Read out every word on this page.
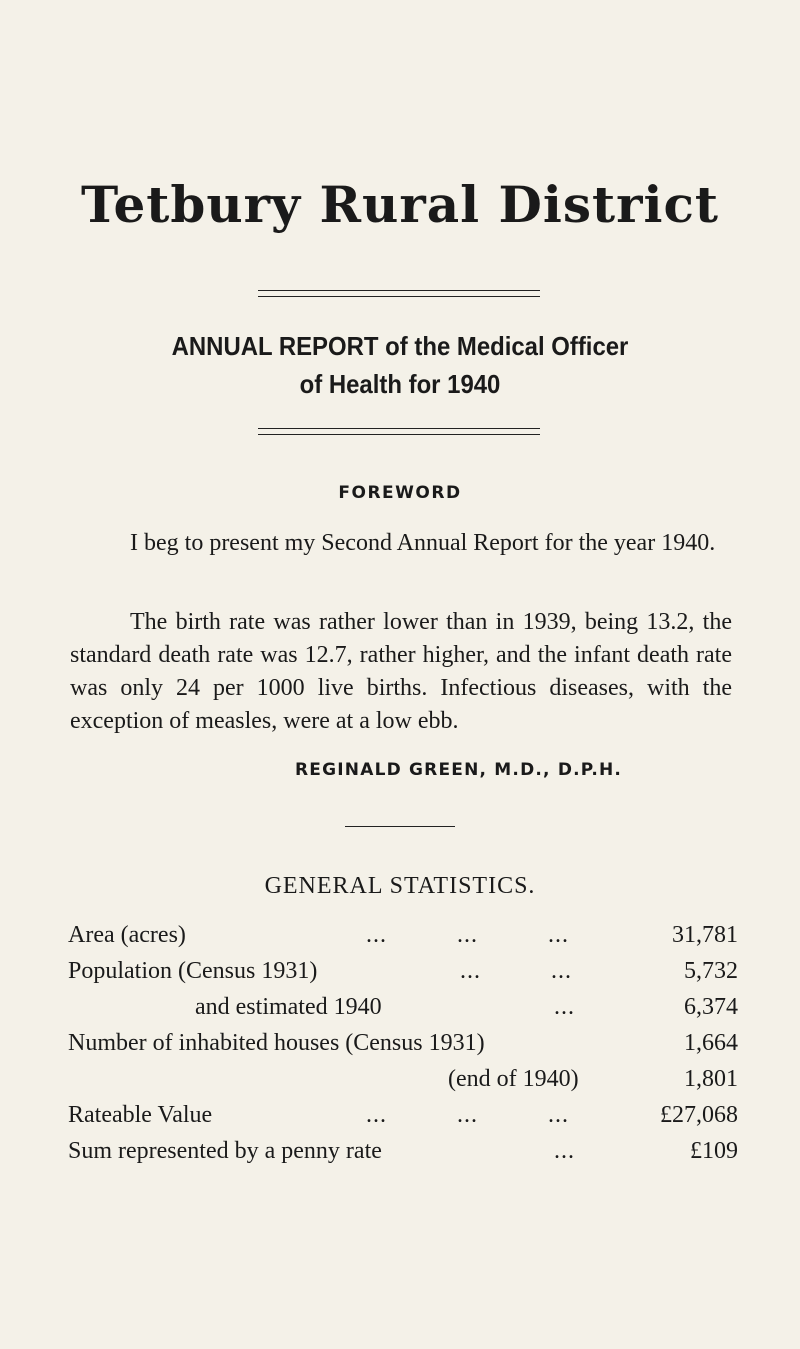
Tetbury Rural District
ANNUAL REPORT of the Medical Officer
of Health for 1940
FOREWORD

I beg to present my Second Annual Report for the year 1940.

The birth rate was rather lower than in 1939, being 13.2, the standard death rate was 12.7, rather higher, and the infant death rate was only 24 per 1000 live births. Infectious diseases, with the exception of measles, were at a low ebb.

REGINALD GREEN, M.D., D.P.H.
GENERAL STATISTICS.
Area (acres)	...          ...          ...	31,781
Population (Census 1931)	...          ...	5,732
and estimated 1940	...	6,374
Number of inhabited houses (Census 1931)	1,664
(end of 1940)	1,801
Rateable Value	...          ...          ...	£27,068
Sum represented by a penny rate	...	£109
